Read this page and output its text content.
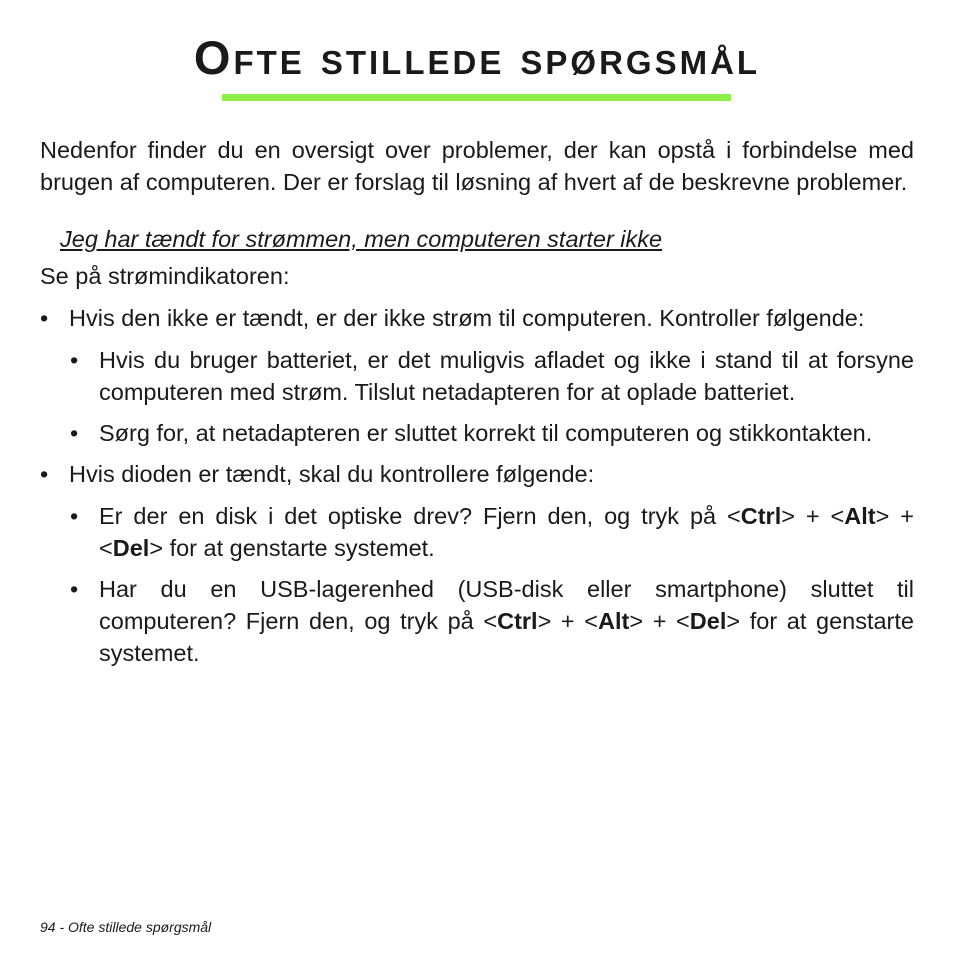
Ofte stillede spørgsmål

Nedenfor finder du en oversigt over problemer, der kan opstå i forbindelse med brugen af computeren. Der er forslag til løsning af hvert af de beskrevne problemer.

Jeg har tændt for strømmen, men computeren starter ikke

Se på strømindikatoren:

• Hvis den ikke er tændt, er der ikke strøm til computeren. Kontroller følgende:
• Hvis du bruger batteriet, er det muligvis afladet og ikke i stand til at forsyne computeren med strøm. Tilslut netadapteren for at oplade batteriet.
• Sørg for, at netadapteren er sluttet korrekt til computeren og stikkontakten.
• Hvis dioden er tændt, skal du kontrollere følgende:
• Er der en disk i det optiske drev? Fjern den, og tryk på <Ctrl> + <Alt> + <Del> for at genstarte systemet.
• Har du en USB-lagerenhed (USB-disk eller smartphone) sluttet til computeren? Fjern den, og tryk på <Ctrl> + <Alt> + <Del> for at genstarte systemet.
94 - Ofte stillede spørgsmål
